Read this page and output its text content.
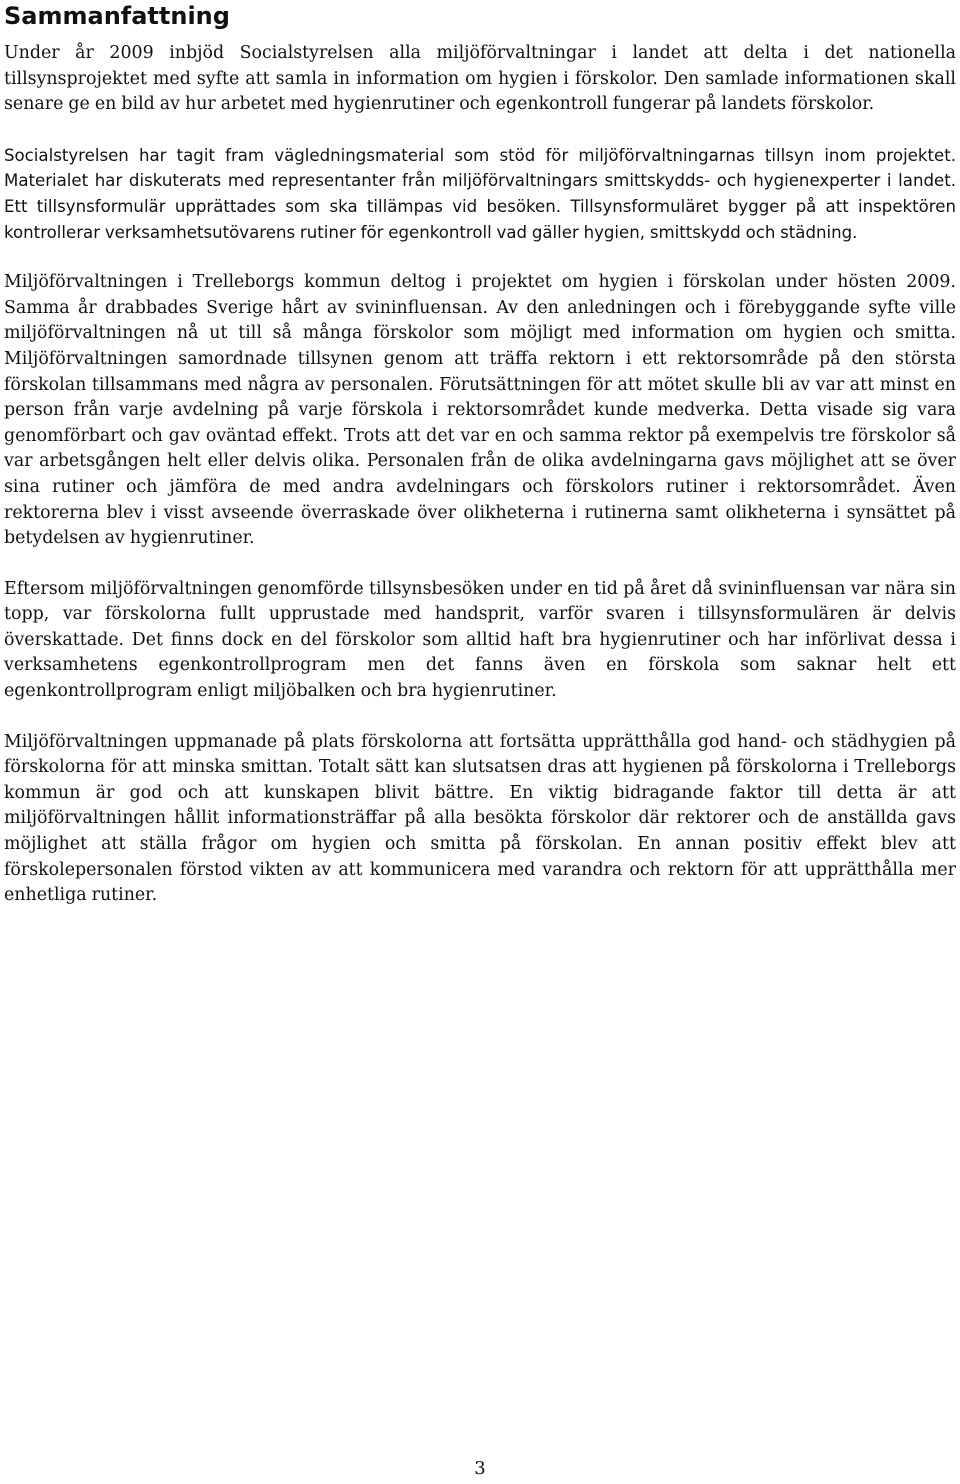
Sammanfattning

Under år 2009 inbjöd Socialstyrelsen alla miljöförvaltningar i landet att delta i det nationella tillsynsprojektet med syfte att samla in information om hygien i förskolor. Den samlade informationen skall senare ge en bild av hur arbetet med hygienrutiner och egenkontroll fungerar på landets förskolor.

Socialstyrelsen har tagit fram vägledningsmaterial som stöd för miljöförvaltningarnas tillsyn inom projektet. Materialet har diskuterats med representanter från miljöförvaltningars smittskydds- och hygienexperter i landet. Ett tillsynsformulär upprättades som ska tillämpas vid besöken. Tillsynsformuläret bygger på att inspektören kontrollerar verksamhetsutövarens rutiner för egenkontroll vad gäller hygien, smittskydd och städning.

Miljöförvaltningen i Trelleborgs kommun deltog i projektet om hygien i förskolan under hösten 2009. Samma år drabbades Sverige hårt av svininfluensan. Av den anledningen och i förebyggande syfte ville miljöförvaltningen nå ut till så många förskolor som möjligt med information om hygien och smitta. Miljöförvaltningen samordnade tillsynen genom att träffa rektorn i ett rektorsområde på den största förskolan tillsammans med några av personalen. Förutsättningen för att mötet skulle bli av var att minst en person från varje avdelning på varje förskola i rektorsområdet kunde medverka. Detta visade sig vara genomförbart och gav oväntad effekt. Trots att det var en och samma rektor på exempelvis tre förskolor så var arbetsgången helt eller delvis olika. Personalen från de olika avdelningarna gavs möjlighet att se över sina rutiner och jämföra de med andra avdelningars och förskolors rutiner i rektorsområdet. Även rektorerna blev i visst avseende överraskade över olikheterna i rutinerna samt olikheterna i synsättet på betydelsen av hygienrutiner.

Eftersom miljöförvaltningen genomförde tillsynsbesöken under en tid på året då svininfluensan var nära sin topp, var förskolorna fullt upprustade med handsprit, varför svaren i tillsynsformulären är delvis överskattade. Det finns dock en del förskolor som alltid haft bra hygienrutiner och har införlivat dessa i verksamhetens egenkontrollprogram men det fanns även en förskola som saknar helt ett egenkontrollprogram enligt miljöbalken och bra hygienrutiner.

Miljöförvaltningen uppmanade på plats förskolorna att fortsätta upprätthålla god hand- och städhygien på förskolorna för att minska smittan. Totalt sätt kan slutsatsen dras att hygienen på förskolorna i Trelleborgs kommun är god och att kunskapen blivit bättre. En viktig bidragande faktor till detta är att miljöförvaltningen hållit informationsträffar på alla besökta förskolor där rektorer och de anställda gavs möjlighet att ställa frågor om hygien och smitta på förskolan. En annan positiv effekt blev att förskolepersonalen förstod vikten av att kommunicera med varandra och rektorn för att upprätthålla mer enhetliga rutiner.

3
